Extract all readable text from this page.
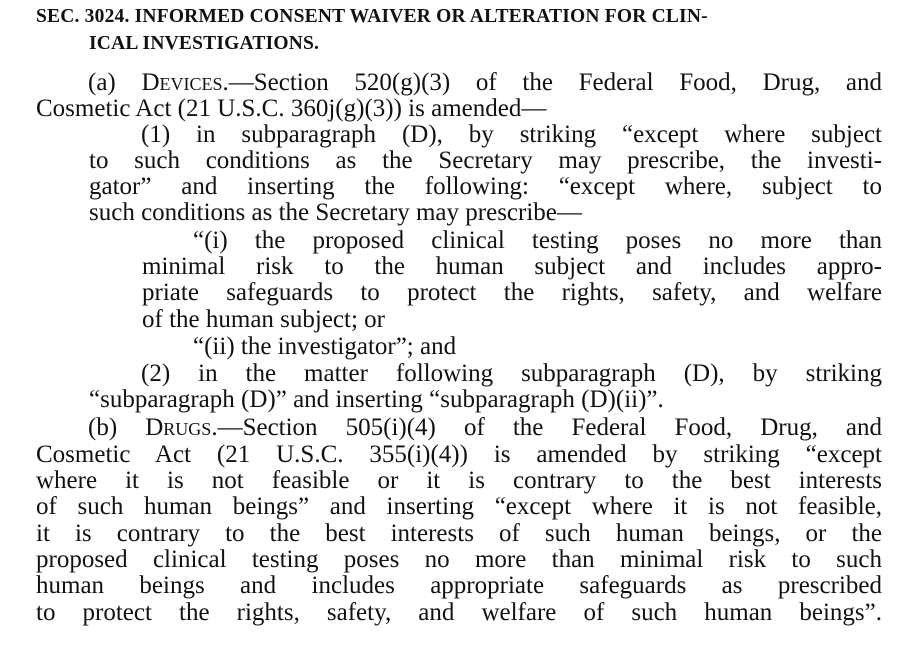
SEC. 3024. INFORMED CONSENT WAIVER OR ALTERATION FOR CLIN-
ICAL INVESTIGATIONS.
(a) Devices.—Section 520(g)(3) of the Federal Food, Drug, and
Cosmetic Act (21 U.S.C. 360j(g)(3)) is amended—
(1) in subparagraph (D), by striking “except where subject
to such conditions as the Secretary may prescribe, the investi-
gator” and inserting the following: “except where, subject to
such conditions as the Secretary may prescribe—
“(i) the proposed clinical testing poses no more than
minimal risk to the human subject and includes appro-
priate safeguards to protect the rights, safety, and welfare
of the human subject; or
“(ii) the investigator”; and
(2) in the matter following subparagraph (D), by striking
“subparagraph (D)” and inserting “subparagraph (D)(ii)”.
(b) Drugs.—Section 505(i)(4) of the Federal Food, Drug, and
Cosmetic Act (21 U.S.C. 355(i)(4)) is amended by striking “except
where it is not feasible or it is contrary to the best interests
of such human beings” and inserting “except where it is not feasible,
it is contrary to the best interests of such human beings, or the
proposed clinical testing poses no more than minimal risk to such
human beings and includes appropriate safeguards as prescribed
to protect the rights, safety, and welfare of such human beings”.
